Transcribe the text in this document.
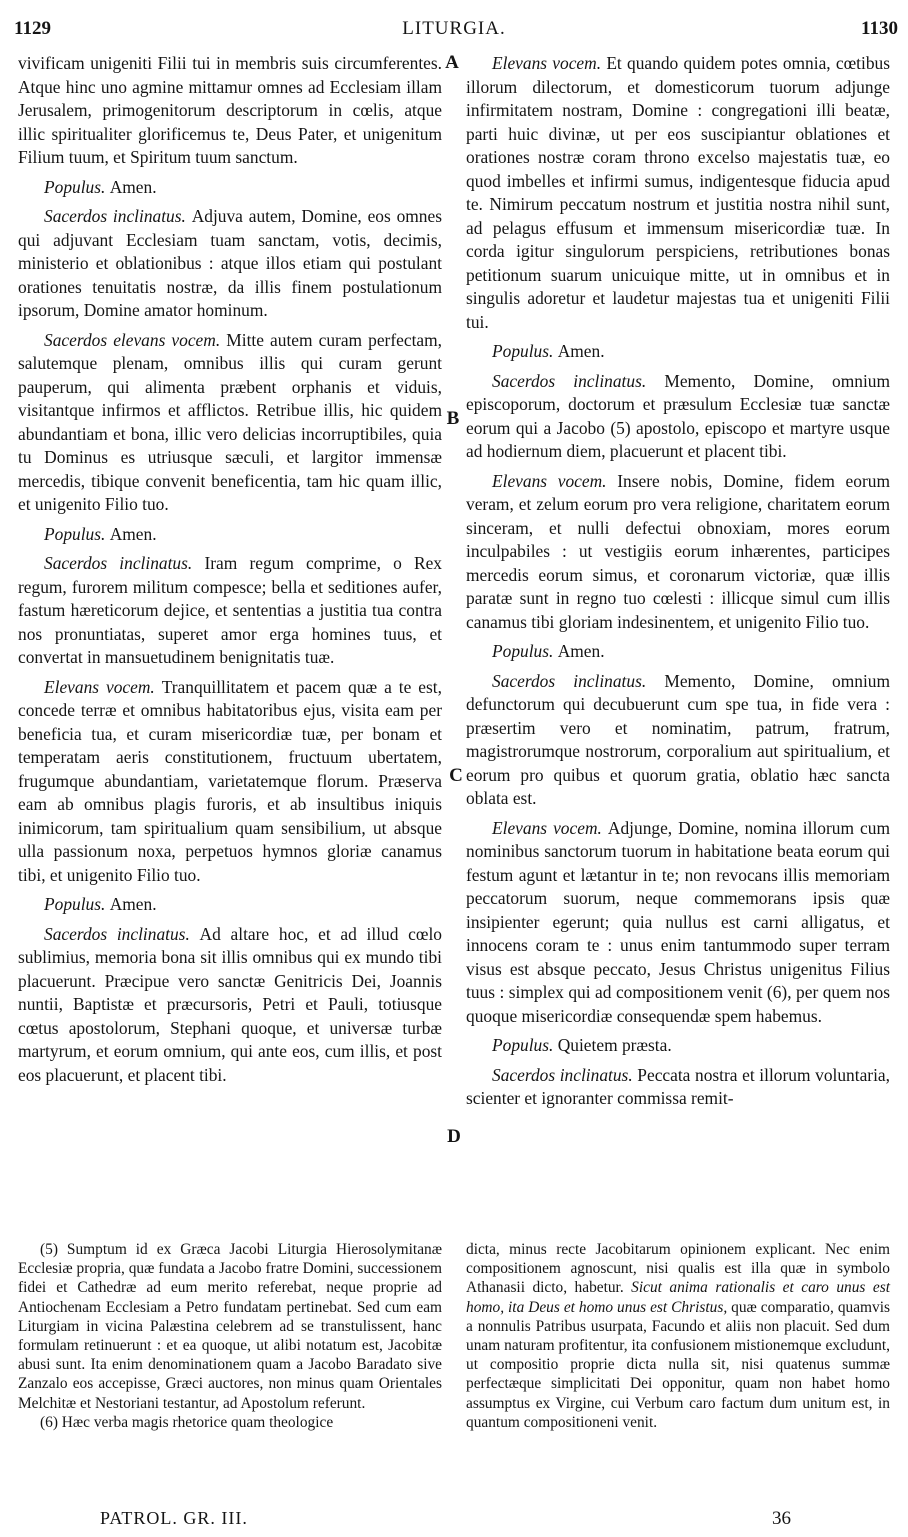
1129	LITURGIA.	1130
A
B
C
D

vivificam unigeniti Filii tui in membris suis circumferentes. Atque hinc uno agmine mittamur omnes ad Ecclesiam illam Jerusalem, primogenitorum descriptorum in cœlis, atque illic spiritualiter glorificemus te, Deus Pater, et unigenitum Filium tuum, et Spiritum tuum sanctum.

Populus. Amen.

Sacerdos inclinatus. Adjuva autem, Domine, eos omnes qui adjuvant Ecclesiam tuam sanctam, votis, decimis, ministerio et oblationibus : atque illos etiam qui postulant orationes tenuitatis nostræ, da illis finem postulationum ipsorum, Domine amator hominum.

Sacerdos elevans vocem. Mitte autem curam perfectam, salutemque plenam, omnibus illis qui curam gerunt pauperum, qui alimenta præbent orphanis et viduis, visitantque infirmos et afflictos. Retribue illis, hic quidem abundantiam et bona, illic vero delicias incorruptibiles, quia tu Dominus es utriusque sæculi, et largitor immensæ mercedis, tibique convenit beneficentia, tam hic quam illic, et unigenito Filio tuo.

Populus. Amen.

Sacerdos inclinatus. Iram regum comprime, o Rex regum, furorem militum compesce; bella et seditiones aufer, fastum hæreticorum dejice, et sententias a justitia tua contra nos pronuntiatas, superet amor erga homines tuus, et convertat in mansuetudinem benignitatis tuæ.

Elevans vocem. Tranquillitatem et pacem quæ a te est, concede terræ et omnibus habitatoribus ejus, visita eam per beneficia tua, et curam misericordiæ tuæ, per bonam et temperatam aeris constitutionem, fructuum ubertatem, frugumque abundantiam, varietatemque florum. Præserva eam ab omnibus plagis furoris, et ab insultibus iniquis inimicorum, tam spiritualium quam sensibilium, ut absque ulla passionum noxa, perpetuos hymnos gloriæ canamus tibi, et unigenito Filio tuo.

Populus. Amen.

Sacerdos inclinatus. Ad altare hoc, et ad illud cœlo sublimius, memoria bona sit illis omnibus qui ex mundo tibi placuerunt. Præcipue vero sanctæ Genitricis Dei, Joannis nuntii, Baptistæ et præcursoris, Petri et Pauli, totiusque cœtus apostolorum, Stephani quoque, et universæ turbæ martyrum, et eorum omnium, qui ante eos, cum illis, et post eos placuerunt, et placent tibi.

Elevans vocem. Et quando quidem potes omnia, cœtibus illorum dilectorum, et domesticorum tuorum adjunge infirmitatem nostram, Domine : congregationi illi beatæ, parti huic divinæ, ut per eos suscipiantur oblationes et orationes nostræ coram throno excelso majestatis tuæ, eo quod imbelles et infirmi sumus, indigentesque fiducia apud te. Nimirum peccatum nostrum et justitia nostra nihil sunt, ad pelagus effusum et immensum misericordiæ tuæ. In corda igitur singulorum perspiciens, retributiones bonas petitionum suarum unicuique mitte, ut in omnibus et in singulis adoretur et laudetur majestas tua et unigeniti Filii tui.

Populus. Amen.

Sacerdos inclinatus. Memento, Domine, omnium episcoporum, doctorum et præsulum Ecclesiæ tuæ sanctæ eorum qui a Jacobo (5) apostolo, episcopo et martyre usque ad hodiernum diem, placuerunt et placent tibi.

Elevans vocem. Insere nobis, Domine, fidem eorum veram, et zelum eorum pro vera religione, charitatem eorum sinceram, et nulli defectui obnoxiam, mores eorum inculpabiles : ut vestigiis eorum inhærentes, participes mercedis eorum simus, et coronarum victoriæ, quæ illis paratæ sunt in regno tuo cœlesti : illicque simul cum illis canamus tibi gloriam indesinentem, et unigenito Filio tuo.

Populus. Amen.

Sacerdos inclinatus. Memento, Domine, omnium defunctorum qui decubuerunt cum spe tua, in fide vera : præsertim vero et nominatim, patrum, fratrum, magistrorumque nostrorum, corporalium aut spiritualium, et eorum pro quibus et quorum gratia, oblatio hæc sancta oblata est.

Elevans vocem. Adjunge, Domine, nomina illorum cum nominibus sanctorum tuorum in habitatione beata eorum qui festum agunt et lætantur in te; non revocans illis memoriam peccatorum suorum, neque commemorans ipsis quæ insipienter egerunt; quia nullus est carni alligatus, et innocens coram te : unus enim tantummodo super terram visus est absque peccato, Jesus Christus unigenitus Filius tuus : simplex qui ad compositionem venit (6), per quem nos quoque misericordiæ consequendæ spem habemus.

Populus. Quietem præsta.

Sacerdos inclinatus. Peccata nostra et illorum voluntaria, scienter et ignoranter commissa remit-

(5) Sumptum id ex Græca Jacobi Liturgia Hierosolymitanæ Ecclesiæ propria, quæ fundata a Jacobo fratre Domini, successionem fidei et Cathedræ ad eum merito referebat, neque proprie ad Antiochenam Ecclesiam a Petro fundatam pertinebat. Sed cum eam Liturgiam in vicina Palæstina celebrem ad se transtulissent, hanc formulam retinuerunt : et ea quoque, ut alibi notatum est, Jacobitæ abusi sunt. Ita enim denominationem quam a Jacobo Baradato sive Zanzalo eos accepisse, Græci auctores, non minus quam Orientales Melchitæ et Nestoriani testantur, ad Apostolum referunt.

(6) Hæc verba magis rhetorice quam theologice

dicta, minus recte Jacobitarum opinionem explicant. Nec enim compositionem agnoscunt, nisi qualis est illa quæ in symbolo Athanasii dicto, habetur. Sicut anima rationalis et caro unus est homo, ita Deus et homo unus est Christus, quæ comparatio, quamvis a nonnulis Patribus usurpata, Facundo et aliis non placuit. Sed dum unam naturam profitentur, ita confusionem mistionemque excludunt, ut compositio proprie dicta nulla sit, nisi quatenus summæ perfectæque simplicitati Dei opponitur, quam non habet homo assumptus ex Virgine, cui Verbum caro factum dum unitum est, in quantum compositioneni venit.

PATROL. GR. III.	36
